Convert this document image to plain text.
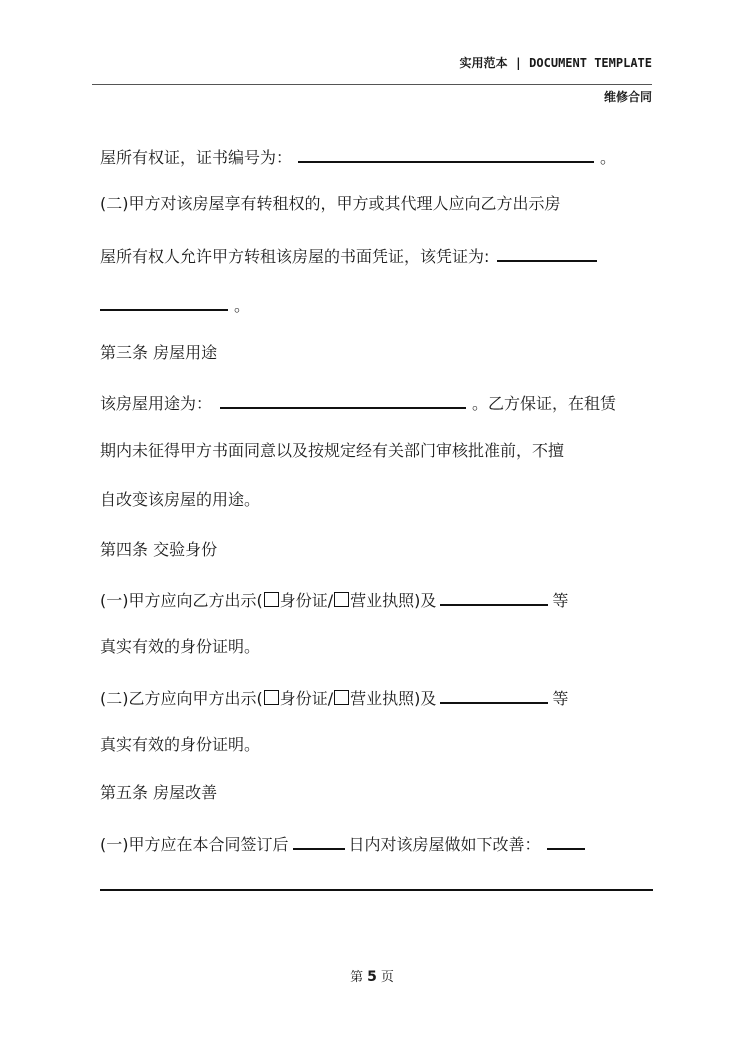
实用范本 | DOCUMENT TEMPLATE
维修合同
屋所有权证，证书编号为：	。
(二)甲方对该房屋享有转租权的，甲方或其代理人应向乙方出示房
屋所有权人允许甲方转租该房屋的书面凭证，该凭证为:
。
第三条 房屋用途
该房屋用途为：	。乙方保证，在租赁
期内未征得甲方书面同意以及按规定经有关部门审核批准前，不擅
自改变该房屋的用途。
第四条 交验身份
(一)甲方应向乙方出示( 身份证/ 营业执照)及	等
真实有效的身份证明。
(二)乙方应向甲方出示( 身份证/ 营业执照)及	等
真实有效的身份证明。
第五条 房屋改善
(一)甲方应在本合同签订后	日内对该房屋做如下改善：
第 5 页
